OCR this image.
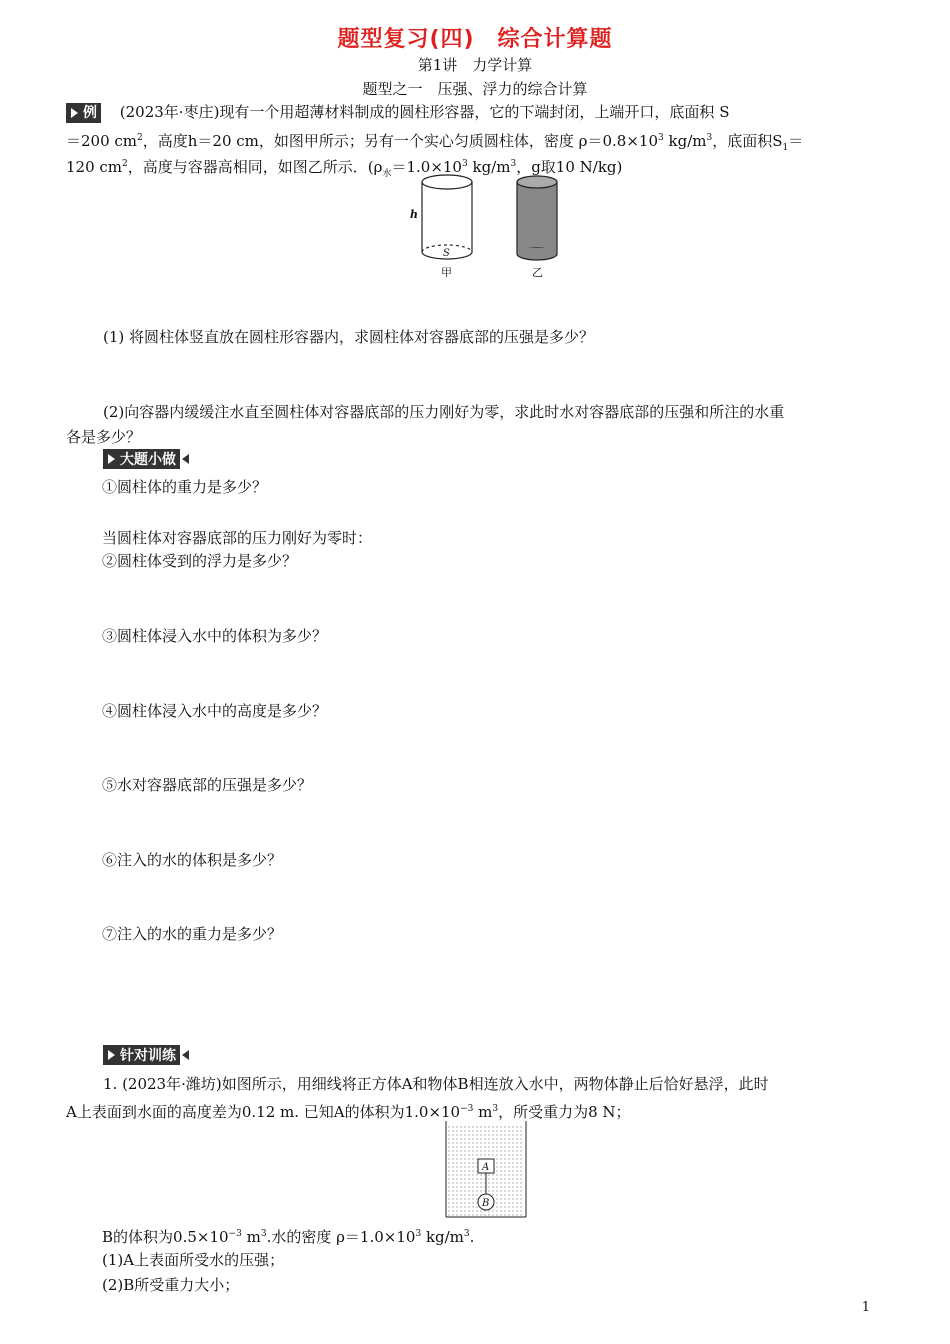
题型复习(四)　综合计算题
第1讲　力学计算
题型之一　压强、浮力的综合计算
例 (2023年·枣庄)现有一个用超薄材料制成的圆柱形容器，它的下端封闭，上端开口，底面积 S
＝200 $cm^2$，高度h＝20 cm，如图甲所示；另有一个实心匀质圆柱体，密度 $\rho=0.8\times 10^3$ $kg/m^3$，底面积$S_1=$
120 $cm^2$，高度与容器高相同，如图乙所示．($\rho_水=1.0\times 10^3$ $kg/m^3$，g取10 N/kg)
h
S
甲	乙
(1) 将圆柱体竖直放在圆柱形容器内，求圆柱体对容器底部的压强是多少？
(2)向容器内缓缓注水直至圆柱体对容器底部的压力刚好为零，求此时水对容器底部的压强和所注的水重
各是多少？
大题小做
①圆柱体的重力是多少？
当圆柱体对容器底部的压力刚好为零时：
②圆柱体受到的浮力是多少？
③圆柱体浸入水中的体积为多少？
④圆柱体浸入水中的高度是多少？
⑤水对容器底部的压强是多少？
⑥注入的水的体积是多少？
⑦注入的水的重力是多少？
针对训练
1. (2023年·潍坊)如图所示，用细线将正方体A和物体B相连放入水中，两物体静止后恰好悬浮，此时
A上表面到水面的高度差为0.12 m. 已知A的体积为$1.0\times 10^{-3}$ $m^3$，所受重力为8 N；
A
B
B的体积为$0.5\times 10^{-3}$ $m^3$.水的密度 $\rho=1.0\times 10^3$ $kg/m^3$.
(1)A上表面所受水的压强；
(2)B所受重力大小；
1
